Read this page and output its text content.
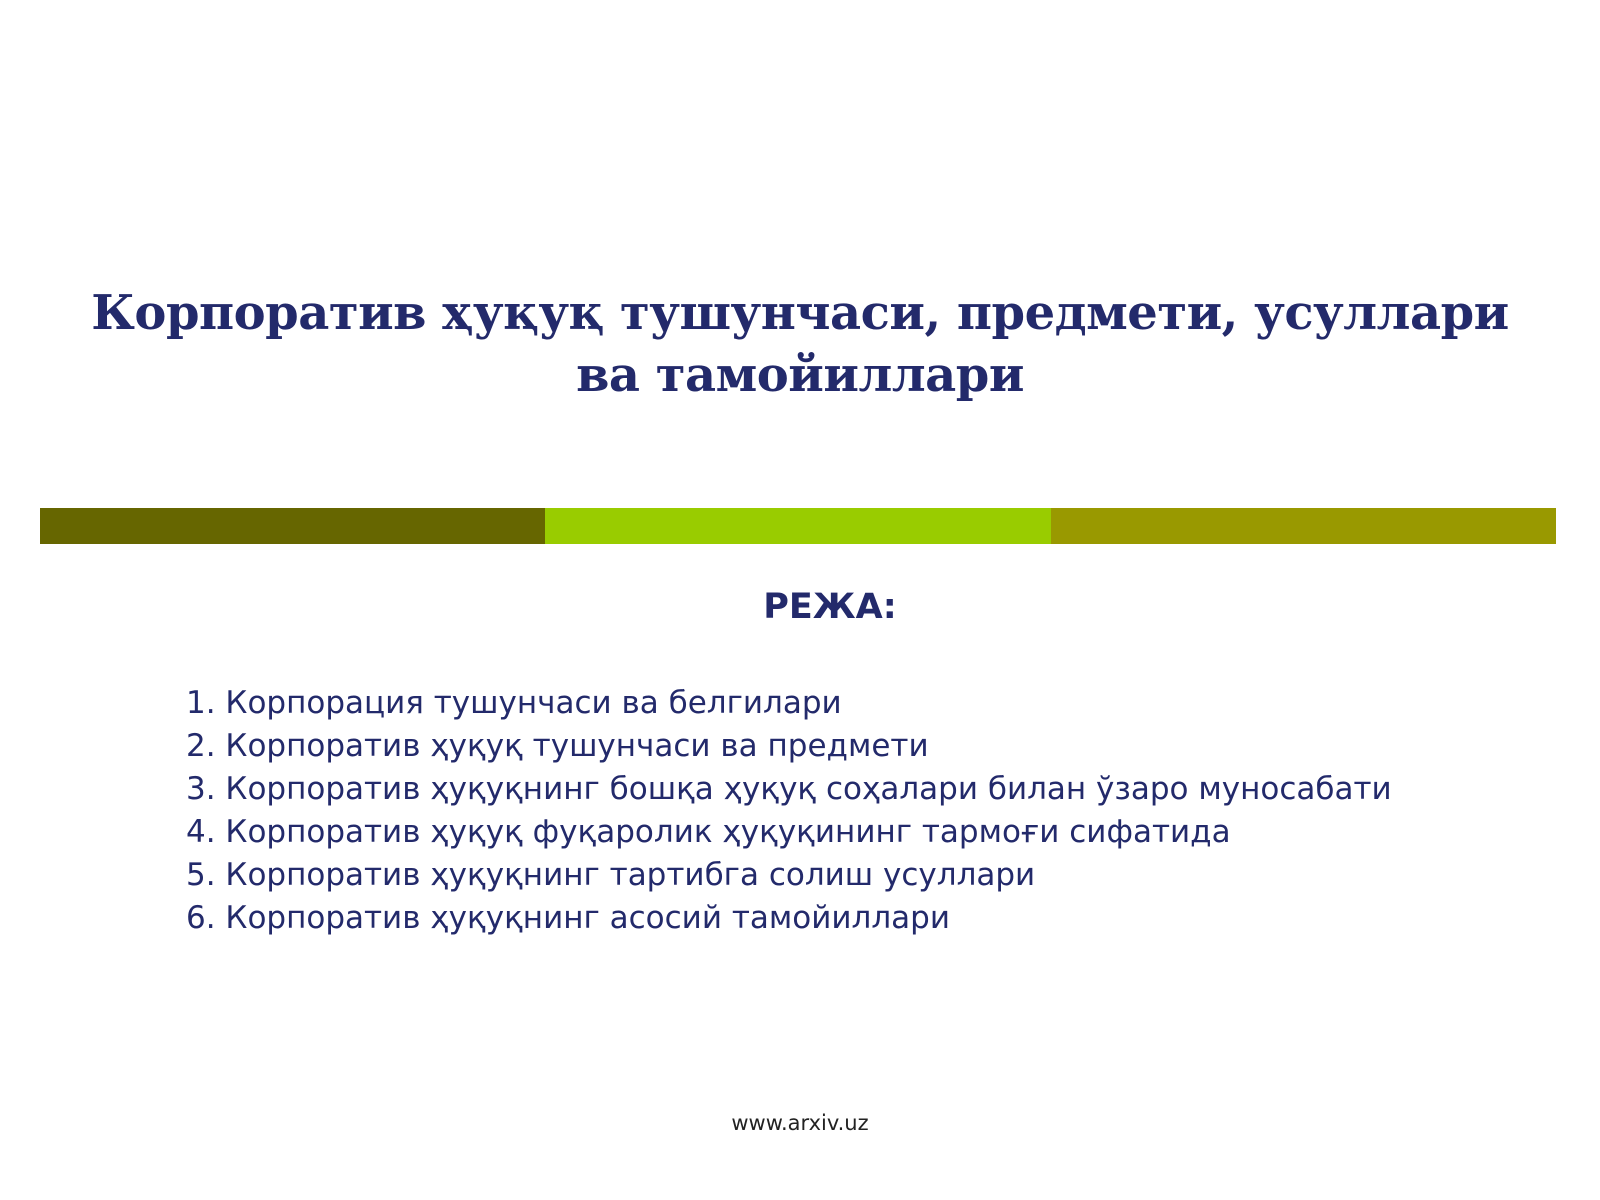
Корпоратив ҳуқуқ тушунчаси, предмети, усуллари
ва тамойиллари
РЕЖА:
1. Корпорация тушунчаси ва белгилари
2. Корпоратив ҳуқуқ тушунчаси ва предмети
3. Корпоратив ҳуқуқнинг бошқа ҳуқуқ соҳалари билан ўзаро муносабати
4. Корпоратив ҳуқуқ фуқаролик ҳуқуқининг тармоғи сифатида
5. Корпоратив ҳуқуқнинг тартибга солиш усуллари
6. Корпоратив ҳуқуқнинг асосий тамойиллари
www.arxiv.uz
